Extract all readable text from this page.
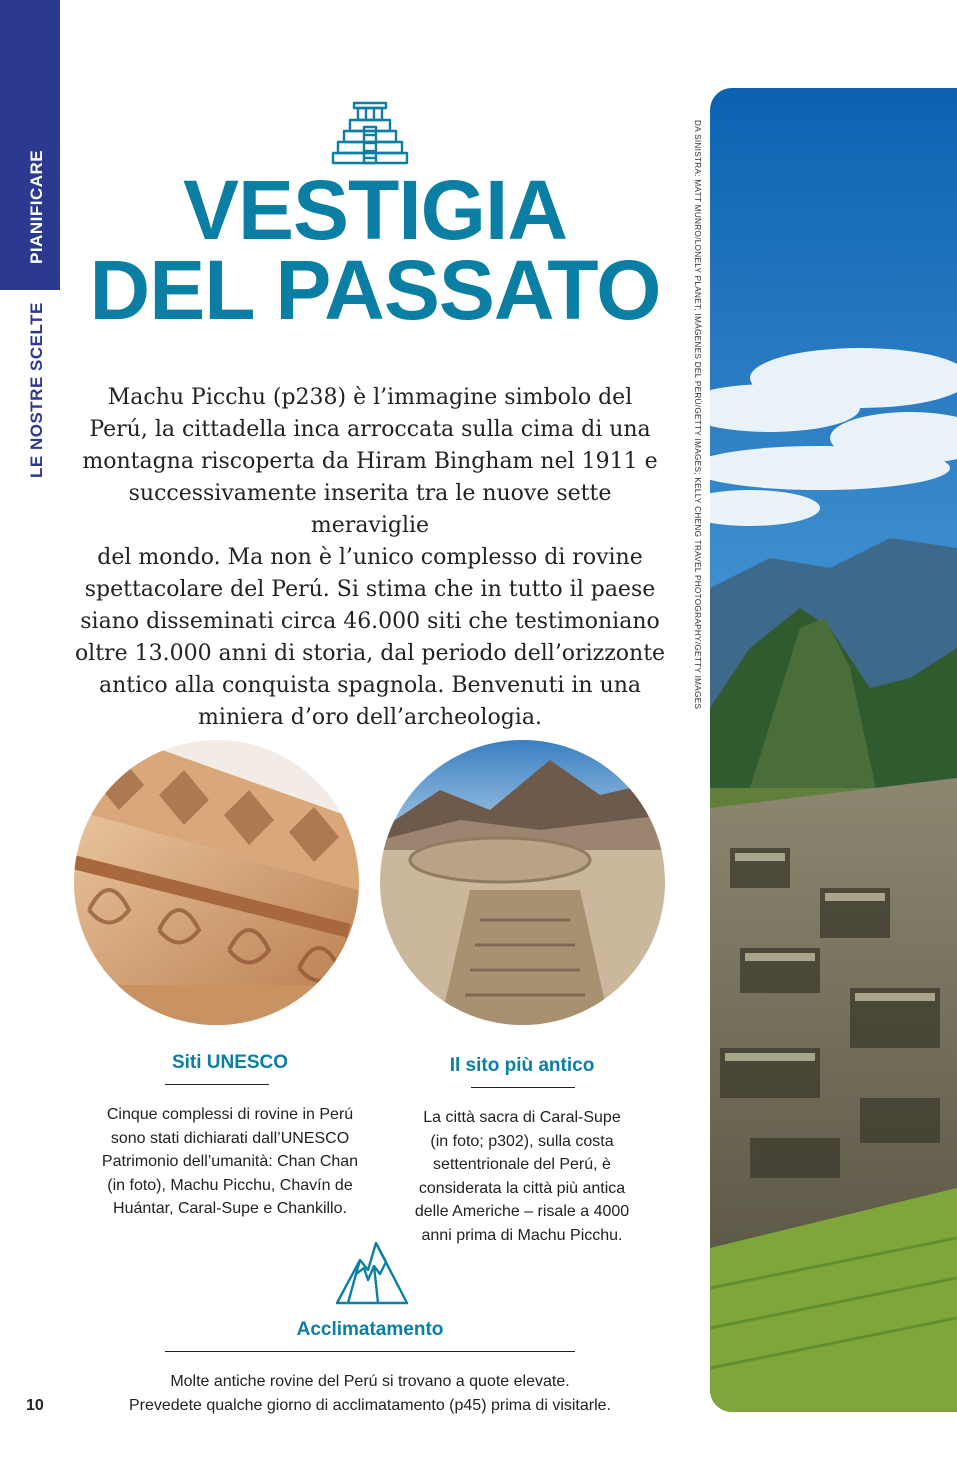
PIANIFICARE
LE NOSTRE SCELTE
VESTIGIA
DEL PASSATO

Machu Picchu (p238) è l’immagine simbolo del
Perú, la cittadella inca arroccata sulla cima di una
montagna riscoperta da Hiram Bingham nel 1911 e
successivamente inserita tra le nuove sette meraviglie
del mondo. Ma non è l’unico complesso di rovine
spettacolare del Perú. Si stima che in tutto il paese
siano disseminati circa 46.000 siti che testimoniano
oltre 13.000 anni di storia, dal periodo dell’orizzonte
antico alla conquista spagnola. Benvenuti in una
miniera d’oro dell’archeologia.

Siti UNESCO

Cinque complessi di rovine in Perú
sono stati dichiarati dall’UNESCO
Patrimonio dell’umanità: Chan Chan
(in foto), Machu Picchu, Chavín de
Huántar, Caral-Supe e Chankillo.

Il sito più antico

La città sacra di Caral-Supe
(in foto; p302), sulla costa
settentrionale del Perú, è
considerata la città più antica
delle Americhe – risale a 4000
anni prima di Machu Picchu.

Acclimatamento

Molte antiche rovine del Perú si trovano a quote elevate.
Prevedete qualche giorno di acclimatamento (p45) prima di visitarle.

DA SINISTRA: MATT MUNRO/LONELY PLANET; IMÁGENES DEL PERÚ/GETTY IMAGES; KELLY CHENG TRAVEL PHOTOGRAPHY/GETTY IMAGES
10
